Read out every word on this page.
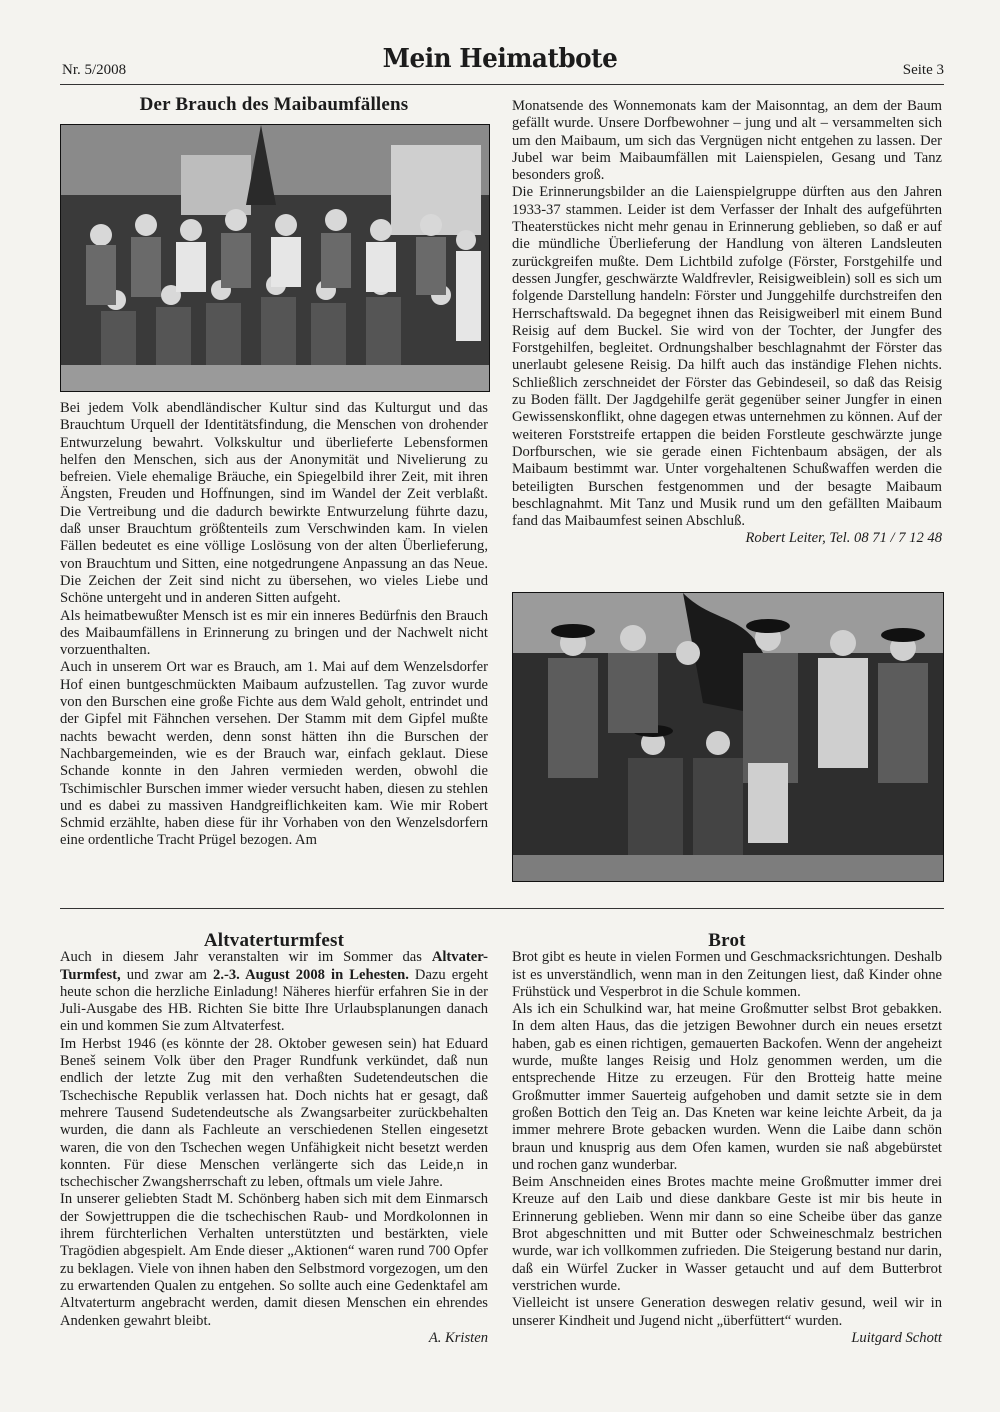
Nr. 5/2008	Mein Heimatbote	Seite 3

Der Brauch des Maibaumfällens

Bei jedem Volk abendländischer Kultur sind das Kulturgut und das Brauchtum Urquell der Identitätsfindung, die Menschen von drohender Entwurzelung bewahrt. Volkskultur und überlieferte Lebensformen helfen den Menschen, sich aus der Anonymität und Nivelierung zu befreien. Viele ehemalige Bräuche, ein Spiegelbild ihrer Zeit, mit ihren Ängsten, Freuden und Hoffnungen, sind im Wandel der Zeit verblaßt. Die Vertreibung und die dadurch bewirkte Entwurzelung führte dazu, daß unser Brauchtum größtenteils zum Verschwinden kam. In vielen Fällen bedeutet es eine völlige Loslösung von der alten Überlieferung, von Brauchtum und Sitten, eine notgedrungene Anpassung an das Neue. Die Zeichen der Zeit sind nicht zu übersehen, wo vieles Liebe und Schöne untergeht und in anderen Sitten aufgeht.

Als heimatbewußter Mensch ist es mir ein inneres Bedürfnis den Brauch des Maibaumfällens in Erinnerung zu bringen und der Nachwelt nicht vorzuenthalten.

Auch in unserem Ort war es Brauch, am 1. Mai auf dem Wenzelsdorfer Hof einen buntgeschmückten Maibaum aufzustellen. Tag zuvor wurde von den Burschen eine große Fichte aus dem Wald geholt, entrindet und der Gipfel mit Fähnchen versehen. Der Stamm mit dem Gipfel mußte nachts bewacht werden, denn sonst hätten ihn die Burschen der Nachbargemeinden, wie es der Brauch war, einfach geklaut. Diese Schande konnte in den Jahren vermieden werden, obwohl die Tschimischler Burschen immer wieder versucht haben, diesen zu stehlen und es dabei zu massiven Handgreiflichkeiten kam. Wie mir Robert Schmid erzählte, haben diese für ihr Vorhaben von den Wenzelsdorfern eine ordentliche Tracht Prügel bezogen. Am

Monatsende des Wonnemonats kam der Maisonntag, an dem der Baum gefällt wurde. Unsere Dorfbewohner – jung und alt – versammelten sich um den Maibaum, um sich das Vergnügen nicht entgehen zu lassen. Der Jubel war beim Maibaumfällen mit Laienspielen, Gesang und Tanz besonders groß.

Die Erinnerungsbilder an die Laienspielgruppe dürften aus den Jahren 1933-37 stammen. Leider ist dem Verfasser der Inhalt des aufgeführten Theaterstückes nicht mehr genau in Erinnerung geblieben, so daß er auf die mündliche Überlieferung der Handlung von älteren Landsleuten zurückgreifen mußte. Dem Lichtbild zufolge (Förster, Forstgehilfe und dessen Jungfer, geschwärzte Waldfrevler, Reisigweiblein) soll es sich um folgende Darstellung handeln: Förster und Junggehilfe durchstreifen den Herrschaftswald. Da begegnet ihnen das Reisigweiberl mit einem Bund Reisig auf dem Buckel. Sie wird von der Tochter, der Jungfer des Forstgehilfen, begleitet. Ordnungshalber beschlagnahmt der Förster das unerlaubt gelesene Reisig. Da hilft auch das inständige Flehen nichts. Schließlich zerschneidet der Förster das Gebindeseil, so daß das Reisig zu Boden fällt. Der Jagdgehilfe gerät gegenüber seiner Jungfer in einen Gewissenskonflikt, ohne dagegen etwas unternehmen zu können. Auf der weiteren Forststreife ertappen die beiden Forstleute geschwärzte junge Dorfburschen, wie sie gerade einen Fichtenbaum absägen, der als Maibaum bestimmt war. Unter vorgehaltenen Schußwaffen werden die beteiligten Burschen festgenommen und der besagte Maibaum beschlagnahmt. Mit Tanz und Musik rund um den gefällten Maibaum fand das Maibaumfest seinen Abschluß.

Robert Leiter, Tel. 08 71 / 7 12 48

Altvaterturmfest

Auch in diesem Jahr veranstalten wir im Sommer das Altvater-Turmfest, und zwar am 2.-3. August 2008 in Lehesten. Dazu ergeht heute schon die herzliche Einladung! Näheres hierfür erfahren Sie in der Juli-Ausgabe des HB. Richten Sie bitte Ihre Urlaubsplanungen danach ein und kommen Sie zum Altvaterfest.

Im Herbst 1946 (es könnte der 28. Oktober gewesen sein) hat Eduard Beneš seinem Volk über den Prager Rundfunk verkündet, daß nun endlich der letzte Zug mit den verhaßten Sudetendeutschen die Tschechische Republik verlassen hat. Doch nichts hat er gesagt, daß mehrere Tausend Sudetendeutsche als Zwangsarbeiter zurückbehalten wurden, die dann als Fachleute an verschiedenen Stellen eingesetzt waren, die von den Tschechen wegen Unfähigkeit nicht besetzt werden konnten. Für diese Menschen verlängerte sich das Leide,n in tschechischer Zwangsherrschaft zu leben, oftmals um viele Jahre.

In unserer geliebten Stadt M. Schönberg haben sich mit dem Einmarsch der Sowjettruppen die die tschechischen Raub- und Mordkolonnen in ihrem fürchterlichen Verhalten unterstützten und bestärkten, viele Tragödien abgespielt. Am Ende dieser „Aktionen“ waren rund 700 Opfer zu beklagen. Viele von ihnen haben den Selbstmord vorgezogen, um den zu erwartenden Qualen zu entgehen. So sollte auch eine Gedenktafel am Altvaterturm angebracht werden, damit diesen Menschen ein ehrendes Andenken gewahrt bleibt.

A. Kristen

Brot

Brot gibt es heute in vielen Formen und Geschmacksrichtungen. Deshalb ist es unverständlich, wenn man in den Zeitungen liest, daß Kinder ohne Frühstück und Vesperbrot in die Schule kommen.

Als ich ein Schulkind war, hat meine Großmutter selbst Brot gebakken. In dem alten Haus, das die jetzigen Bewohner durch ein neues ersetzt haben, gab es einen richtigen, gemauerten Backofen. Wenn der angeheizt wurde, mußte langes Reisig und Holz genommen werden, um die entsprechende Hitze zu erzeugen. Für den Brotteig hatte meine Großmutter immer Sauerteig aufgehoben und damit setzte sie in dem großen Bottich den Teig an. Das Kneten war keine leichte Arbeit, da ja immer mehrere Brote gebacken wurden. Wenn die Laibe dann schön braun und knusprig aus dem Ofen kamen, wurden sie naß abgebürstet und rochen ganz wunderbar.

Beim Anschneiden eines Brotes machte meine Großmutter immer drei Kreuze auf den Laib und diese dankbare Geste ist mir bis heute in Erinnerung geblieben. Wenn mir dann so eine Scheibe über das ganze Brot abgeschnitten und mit Butter oder Schweineschmalz bestrichen wurde, war ich vollkommen zufrieden. Die Steigerung bestand nur darin, daß ein Würfel Zucker in Wasser getaucht und auf dem Butterbrot verstrichen wurde.

Vielleicht ist unsere Generation deswegen relativ gesund, weil wir in unserer Kindheit und Jugend nicht „überfüttert“ wurden.

Luitgard Schott
